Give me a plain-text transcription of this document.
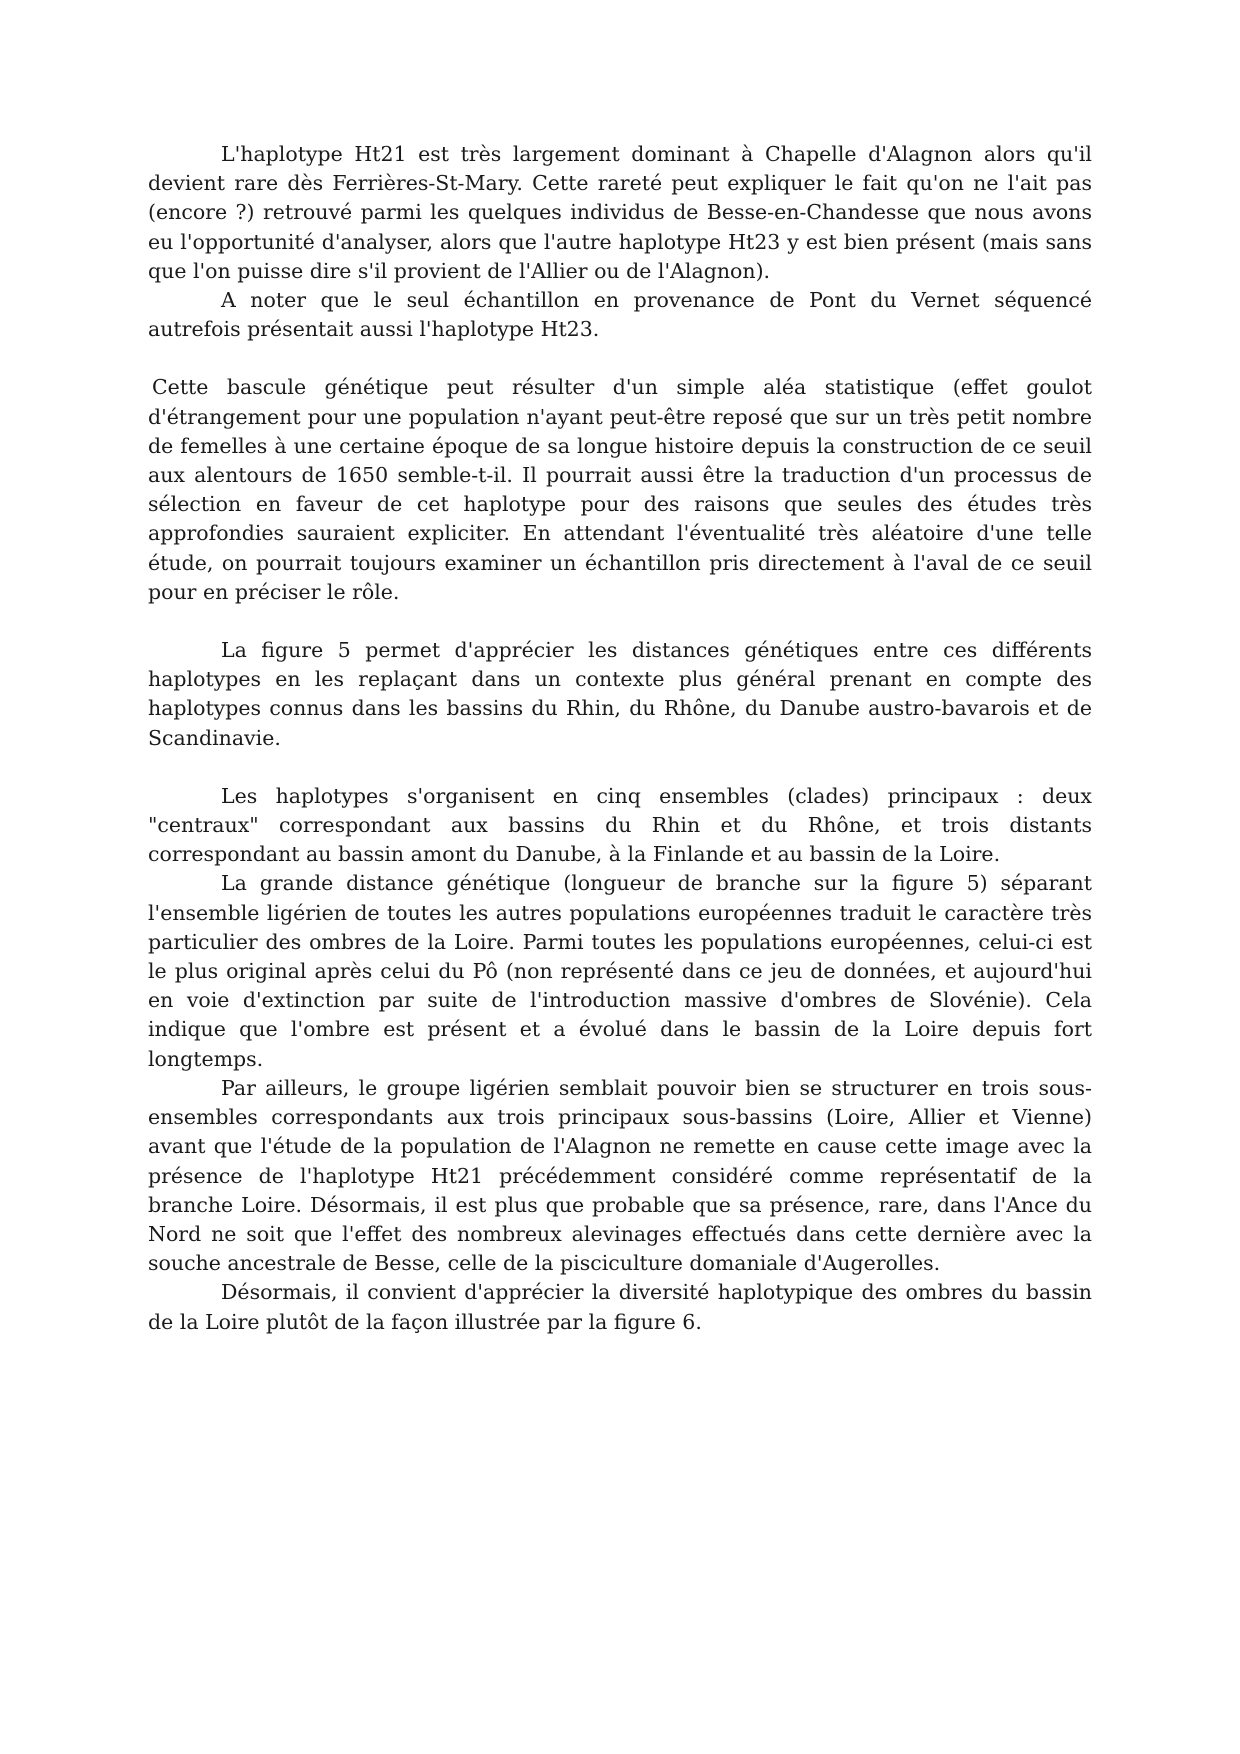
L'haplotype Ht21 est très largement dominant à Chapelle d'Alagnon alors qu'il devient rare dès Ferrières-St-Mary. Cette rareté peut expliquer le fait qu'on ne l'ait pas (encore ?) retrouvé parmi les quelques individus de Besse-en-Chandesse que nous avons eu l'opportunité d'analyser, alors que l'autre haplotype Ht23 y est bien présent (mais sans que l'on puisse dire s'il provient de l'Allier ou de l'Alagnon).

A noter que le seul échantillon en provenance de Pont du Vernet séquencé autrefois présentait aussi l'haplotype Ht23.

Cette bascule génétique peut résulter d'un simple aléa statistique (effet goulot d'étrangement pour une population n'ayant peut-être reposé que sur un très petit nombre de femelles à une certaine époque de sa longue histoire depuis la construction de ce seuil aux alentours de 1650 semble-t-il. Il pourrait aussi être la traduction d'un processus de sélection en faveur de cet haplotype pour des raisons que seules des études très approfondies sauraient expliciter. En attendant l'éventualité très aléatoire d'une telle étude, on pourrait toujours examiner un échantillon pris directement à l'aval de ce seuil pour en préciser le rôle.

La figure 5 permet d'apprécier les distances génétiques entre ces différents haplotypes en les replaçant dans un contexte plus général prenant en compte des haplotypes connus dans les bassins du Rhin, du Rhône, du Danube austro-bavarois et de Scandinavie.

Les haplotypes s'organisent en cinq ensembles (clades) principaux : deux "centraux" correspondant aux bassins du Rhin et du Rhône, et trois distants correspondant au bassin amont du Danube, à la Finlande et au bassin de la Loire.

La grande distance génétique (longueur de branche sur la figure 5) séparant l'ensemble ligérien de toutes les autres populations européennes traduit le caractère très particulier des ombres de la Loire. Parmi toutes les populations européennes, celui-ci est le plus original après celui du Pô (non représenté dans ce jeu de données, et aujourd'hui en voie d'extinction par suite de l'introduction massive d'ombres de Slovénie). Cela indique que l'ombre est présent et a évolué dans le bassin de la Loire depuis fort longtemps.

Par ailleurs, le groupe ligérien semblait pouvoir bien se structurer en trois sous-ensembles correspondants aux trois principaux sous-bassins (Loire, Allier et Vienne) avant que l'étude de la population de l'Alagnon ne remette en cause cette image avec la présence de l'haplotype Ht21 précédemment considéré comme représentatif de la branche Loire. Désormais, il est plus que probable que sa présence, rare, dans l'Ance du Nord ne soit que l'effet des nombreux alevinages effectués dans cette dernière avec la souche ancestrale de Besse, celle de la pisciculture domaniale d'Augerolles.

Désormais, il convient d'apprécier la diversité haplotypique des ombres du bassin de la Loire plutôt de la façon illustrée par la figure 6.
